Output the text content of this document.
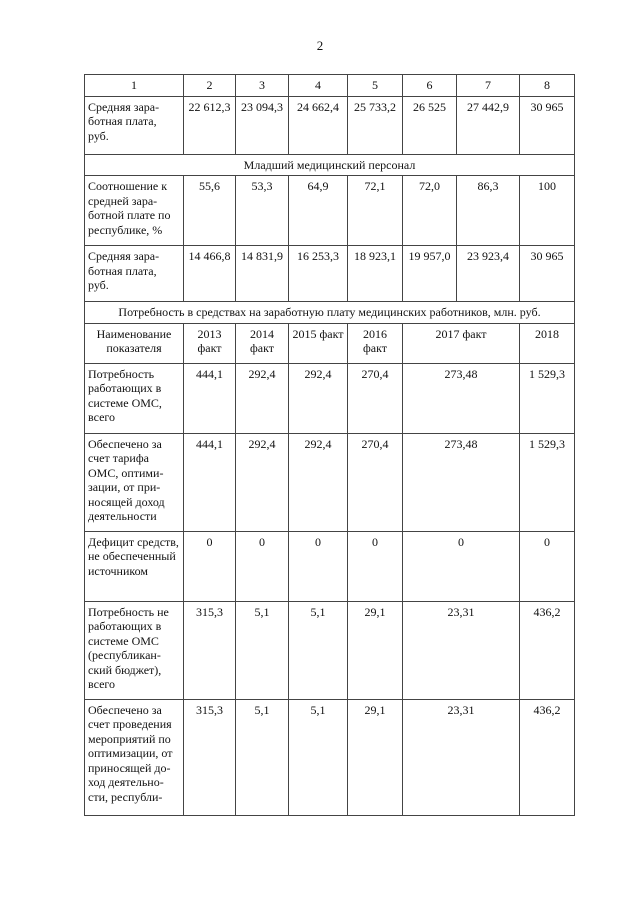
2
1	2	3	4	5	6	7	8
Средняя зара-ботная плата, руб.	22 612,3	23 094,3	24 662,4	25 733,2	26 525	27 442,9	30 965
Младший медицинский персонал							
Соотношение к средней зара-ботной плате по республике, %	55,6	53,3	64,9	72,1	72,0	86,3	100
Средняя зара-ботная плата, руб.	14 466,8	14 831,9	16 253,3	18 923,1	19 957,0	23 923,4	30 965
Потребность в средствах на заработную плату медицинских работников, млн. руб.							
Наименование показателя	2013 факт	2014 факт	2015 факт	2016 факт	2017 факт		2018
Потребность работающих в системе ОМС, всего	444,1	292,4	292,4	270,4	273,48		1 529,3
Обеспечено за счет тарифа ОМС, оптими-зации, от при-носящей доход деятельности	444,1	292,4	292,4	270,4	273,48		1 529,3
Дефицит средств, не обеспеченный источником	0	0	0	0	0		0
Потребность не работающих в системе ОМС (республикан-ский бюджет), всего	315,3	5,1	5,1	29,1	23,31		436,2
Обеспечено за счет проведения мероприятий по оптимизации, от приносящей до-ход деятельно-сти, республи-	315,3	5,1	5,1	29,1	23,31		436,2
